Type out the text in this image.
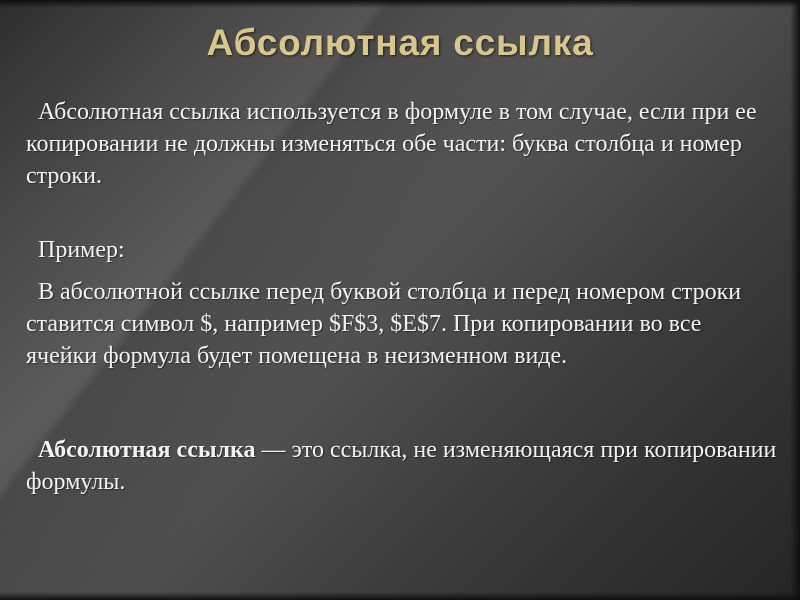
Абсолютная ссылка

Абсолютная ссылка используется в формуле в том случае, если при ее копировании не должны изменяться обе части: буква столбца и номер строки.

Пример:

В абсолютной ссылке перед буквой столбца и перед номером строки ставится символ $, например $F$3, $E$7. При копировании во все ячейки формула будет помещена в неизменном виде.

Абсолютная ссылка — это ссылка, не изменяющаяся при копировании формулы.
